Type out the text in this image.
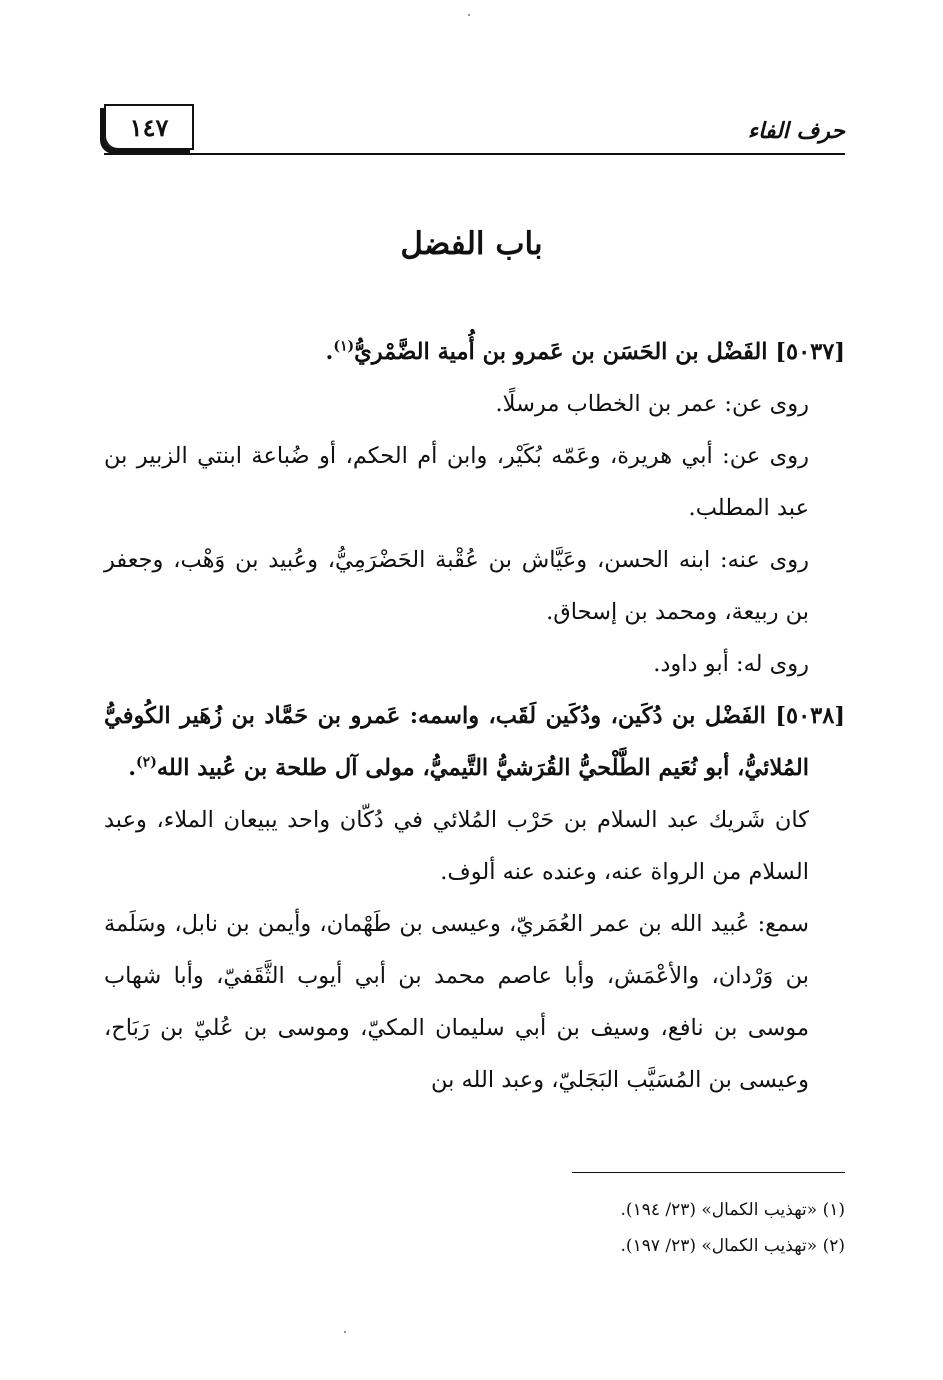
حرف الفاء
١٤٧
باب الفضل

[٥٠٣٧] الفَضْل بن الحَسَن بن عَمرو بن أُمية الضَّمْريُّ$^{(١)}$.

روى عن: عمر بن الخطاب مرسلًا.

روى عن: أبي هريرة، وعَمّه بُكَيْر، وابن أم الحكم، أو ضُباعة ابنتي الزبير بن عبد المطلب.

روى عنه: ابنه الحسن، وعَيَّاش بن عُقْبة الحَضْرَمِيُّ، وعُبيد بن وَهْب، وجعفر بن ربيعة، ومحمد بن إسحاق.

روى له: أبو داود.

[٥٠٣٨] الفَضْل بن دُكَين، ودُكَين لَقَب، واسمه: عَمرو بن حَمَّاد بن زُهَير الكُوفيُّ المُلائيُّ، أبو نُعَيم الطَّلْحيُّ القُرَشيُّ التَّيميُّ، مولى آل طلحة بن عُبيد الله$^{(٢)}$.

كان شَريك عبد السلام بن حَرْب المُلائي في دُكّان واحد يبيعان الملاء، وعبد السلام من الرواة عنه، وعنده عنه ألوف.

سمع: عُبيد الله بن عمر العُمَريّ، وعيسى بن طَهْمان، وأيمن بن نابل، وسَلَمة بن وَرْدان، والأعْمَش، وأبا عاصم محمد بن أبي أيوب الثَّقَفيّ، وأبا شهاب موسى بن نافع، وسيف بن أبي سليمان المكيّ، وموسى بن عُليّ بن رَبَاح، وعيسى بن المُسَيَّب البَجَليّ، وعبد الله بن

(١) «تهذيب الكمال» (٢٣/ ١٩٤).

(٢) «تهذيب الكمال» (٢٣/ ١٩٧).
